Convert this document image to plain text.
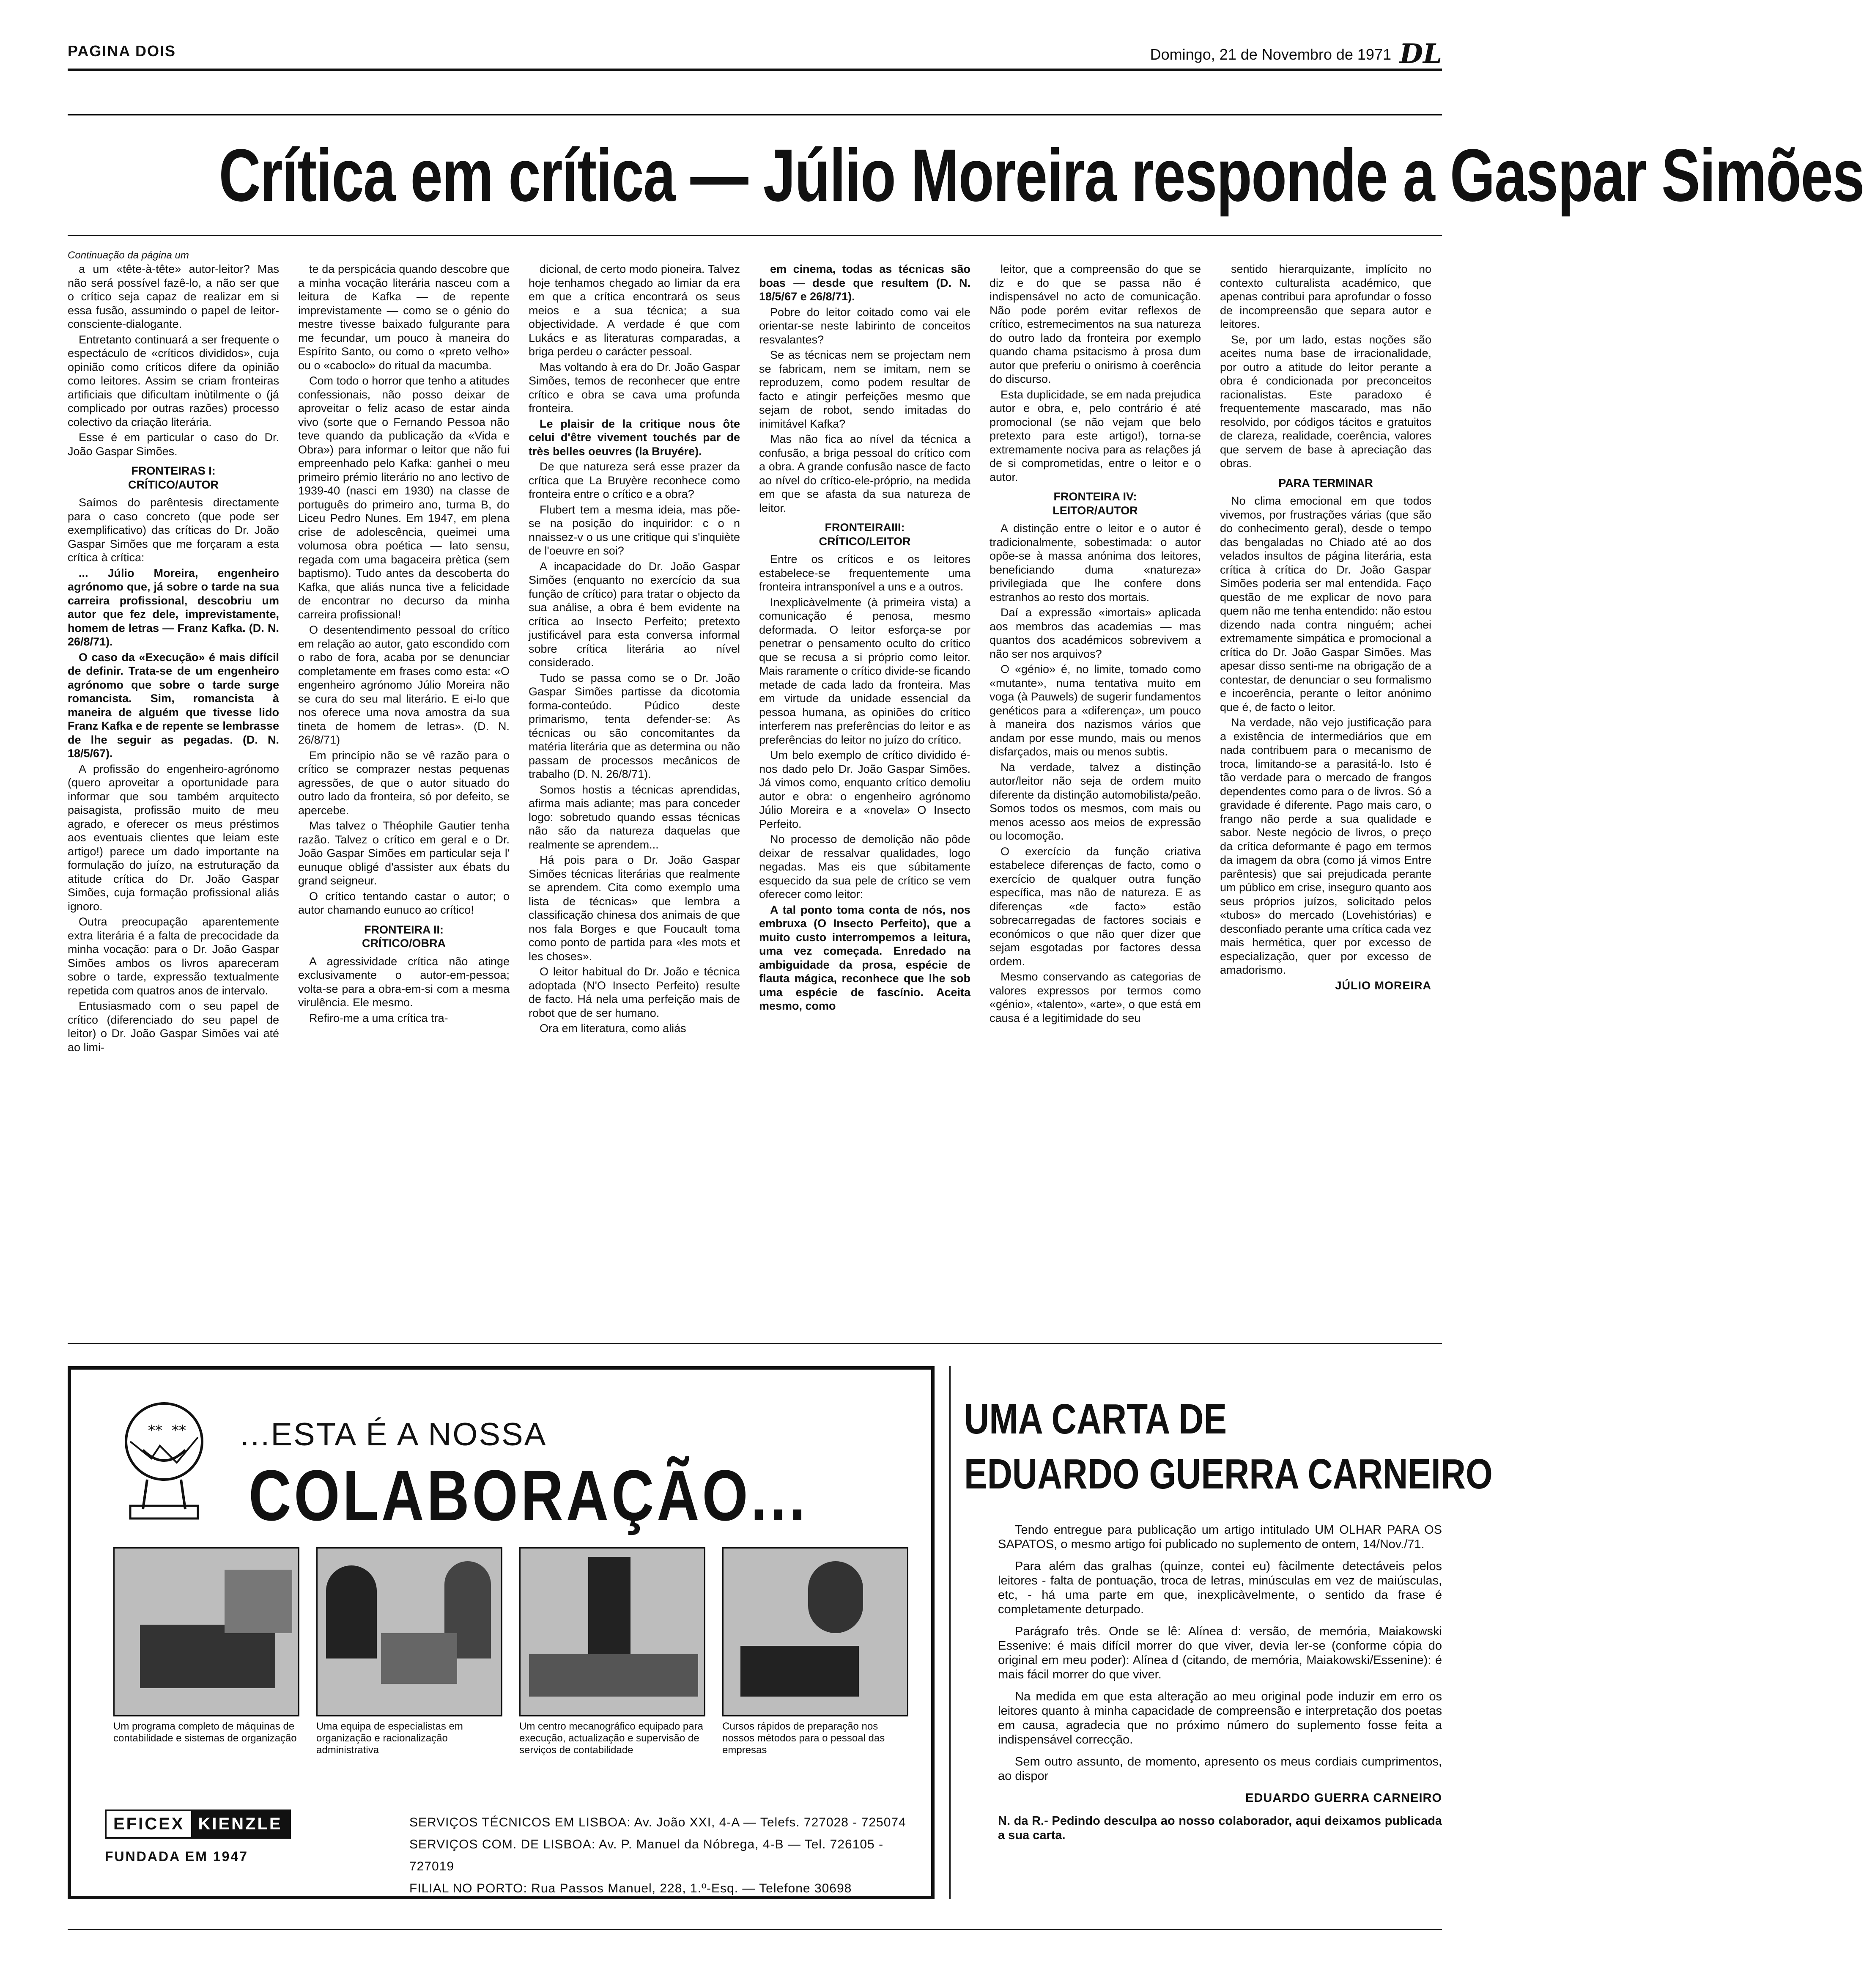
PAGINA DOIS	Domingo, 21 de Novembro de 1971 DL
Crítica em crítica — Júlio Moreira responde a Gaspar Simões
Continuação da página um

a um «tête-à-tête» autor-leitor? Mas não será possível fazê-lo, a não ser que o crítico seja capaz de realizar em si essa fusão, assumindo o papel de leitor-consciente-dialogante.

Entretanto continuará a ser frequente o espectáculo de «críticos divididos», cuja opinião como críticos difere da opinião como leitores. Assim se criam fronteiras artificiais que dificultam inùtilmente o (já complicado por outras razões) processo colectivo da criação literária.

Esse é em particular o caso do Dr. João Gaspar Simões.

FRONTEIRAS I:
CRÍTICO/AUTOR

Saímos do parêntesis directamente para o caso concreto (que pode ser exemplificativo) das críticas do Dr. João Gaspar Simões que me forçaram a esta crítica à crítica:

... Júlio Moreira, engenheiro agrónomo que, já sobre o tarde na sua carreira profissional, descobriu um autor que fez dele, imprevistamente, homem de letras — Franz Kafka. (D. N. 26/8/71).

O caso da «Execução» é mais difícil de definir. Trata-se de um engenheiro agrónomo que sobre o tarde surge romancista. Sim, romancista à maneira de alguém que tivesse lido Franz Kafka e de repente se lembrasse de lhe seguir as pegadas. (D. N. 18/5/67).

A profissão do engenheiro-agrónomo (quero aproveitar a oportunidade para informar que sou também arquitecto paisagista, profissão muito de meu agrado, e oferecer os meus préstimos aos eventuais clientes que leiam este artigo!) parece um dado importante na formulação do juízo, na estruturação da atitude crítica do Dr. João Gaspar Simões, cuja formação profissional aliás ignoro.

Outra preocupação aparentemente extra literária é a falta de precocidade da minha vocação: para o Dr. João Gaspar Simões ambos os livros apareceram sobre o tarde, expressão textualmente repetida com quatros anos de intervalo.

Entusiasmado com o seu papel de crítico (diferenciado do seu papel de leitor) o Dr. João Gaspar Simões vai até ao limi-

te da perspicácia quando descobre que a minha vocação literária nasceu com a leitura de Kafka — de repente imprevistamente — como se o génio do mestre tivesse baixado fulgurante para me fecundar, um pouco à maneira do Espírito Santo, ou como o «preto velho» ou o «caboclo» do ritual da macumba.

Com todo o horror que tenho a atitudes confessionais, não posso deixar de aproveitar o feliz acaso de estar ainda vivo (sorte que o Fernando Pessoa não teve quando da publicação da «Vida e Obra») para informar o leitor que não fui empreenhado pelo Kafka: ganhei o meu primeiro prémio literário no ano lectivo de 1939-40 (nasci em 1930) na classe de português do primeiro ano, turma B, do Liceu Pedro Nunes. Em 1947, em plena crise de adolescência, queimei uma volumosa obra poética — lato sensu, regada com uma bagaceira prètica (sem baptismo). Tudo antes da descoberta do Kafka, que aliás nunca tive a felicidade de encontrar no decurso da minha carreira profissional!

O desentendimento pessoal do crítico em relação ao autor, gato escondido com o rabo de fora, acaba por se denunciar completamente em frases como esta: «O engenheiro agrónomo Júlio Moreira não se cura do seu mal literário. E ei-lo que nos oferece uma nova amostra da sua tineta de homem de letras». (D. N. 26/8/71)

Em princípio não se vê razão para o crítico se comprazer nestas pequenas agressões, de que o autor situado do outro lado da fronteira, só por defeito, se apercebe.

Mas talvez o Théophile Gautier tenha razão. Talvez o crítico em geral e o Dr. João Gaspar Simões em particular seja l' eunuque obligé d'assister aux ébats du grand seigneur.

O crítico tentando castar o autor; o autor chamando eunuco ao crítico!

FRONTEIRA II:
CRÍTICO/OBRA

A agressividade crítica não atinge exclusivamente o autor-em-pessoa; volta-se para a obra-em-si com a mesma virulência. Ele mesmo.

Refiro-me a uma crítica tra-

dicional, de certo modo pioneira. Talvez hoje tenhamos chegado ao limiar da era em que a crítica encontrará os seus meios e a sua técnica; a sua objectividade. A verdade é que com Lukács e as literaturas comparadas, a briga perdeu o carácter pessoal.

Mas voltando à era do Dr. João Gaspar Simões, temos de reconhecer que entre crítico e obra se cava uma profunda fronteira.

Le plaisir de la critique nous ôte celui d'être vivement touchés par de très belles oeuvres (la Bruyére).

De que natureza será esse prazer da crítica que La Bruyère reconhece como fronteira entre o crítico e a obra?

Flubert tem a mesma ideia, mas põe-se na posição do inquiridor: c o n nnaissez-v o us une critique qui s'inquiète de l'oeuvre en soi?

A incapacidade do Dr. João Gaspar Simões (enquanto no exercício da sua função de crítico) para tratar o objecto da sua análise, a obra é bem evidente na crítica ao Insecto Perfeito; pretexto justificável para esta conversa informal sobre crítica literária ao nível considerado.

Tudo se passa como se o Dr. João Gaspar Simões partisse da dicotomia forma-conteúdo. Púdico deste primarismo, tenta defender-se: As técnicas ou são concomitantes da matéria literária que as determina ou não passam de processos mecânicos de trabalho (D. N. 26/8/71).

Somos hostis a técnicas aprendidas, afirma mais adiante; mas para conceder logo: sobretudo quando essas técnicas não são da natureza daquelas que realmente se aprendem...

Há pois para o Dr. João Gaspar Simões técnicas literárias que realmente se aprendem. Cita como exemplo uma lista de técnicas» que lembra a classificação chinesa dos animais de que nos fala Borges e que Foucault toma como ponto de partida para «les mots et les choses».

O leitor habitual do Dr. João e técnica adoptada (N'O Insecto Perfeito) resulte de facto. Há nela uma perfeição mais de robot que de ser humano.

Ora em literatura, como aliás

em cinema, todas as técnicas são boas — desde que resultem (D. N. 18/5/67 e 26/8/71).

Pobre do leitor coitado como vai ele orientar-se neste labirinto de conceitos resvalantes?

Se as técnicas nem se projectam nem se fabricam, nem se imitam, nem se reproduzem, como podem resultar de facto e atingir perfeições mesmo que sejam de robot, sendo imitadas do inimitável Kafka?

Mas não fica ao nível da técnica a confusão, a briga pessoal do crítico com a obra. A grande confusão nasce de facto ao nível do crítico-ele-próprio, na medida em que se afasta da sua natureza de leitor.

FRONTEIRAIII:
CRÍTICO/LEITOR

Entre os críticos e os leitores estabelece-se frequentemente uma fronteira intransponível a uns e a outros.

Inexplicàvelmente (à primeira vista) a comunicação é penosa, mesmo deformada. O leitor esforça-se por penetrar o pensamento oculto do crítico que se recusa a si próprio como leitor. Mais raramente o crítico divide-se ficando metade de cada lado da fronteira. Mas em virtude da unidade essencial da pessoa humana, as opiniões do crítico interferem nas preferências do leitor e as preferências do leitor no juízo do crítico.

Um belo exemplo de crítico dividido é-nos dado pelo Dr. João Gaspar Simões. Já vimos como, enquanto crítico demoliu autor e obra: o engenheiro agrónomo Júlio Moreira e a «novela» O Insecto Perfeito.

No processo de demolição não pôde deixar de ressalvar qualidades, logo negadas. Mas eis que súbitamente esquecido da sua pele de crítico se vem oferecer como leitor:

A tal ponto toma conta de nós, nos embruxa (O Insecto Perfeito), que a muito custo interrompemos a leitura, uma vez começada. Enredado na ambiguidade da prosa, espécie de flauta mágica, reconhece que lhe sob uma espécie de fascínio. Aceita mesmo, como

leitor, que a compreensão do que se diz e do que se passa não é indispensável no acto de comunicação. Não pode porém evitar reflexos de crítico, estremecimentos na sua natureza do outro lado da fronteira por exemplo quando chama psitacismo à prosa dum autor que preferiu o onirismo à coerência do discurso.

Esta duplicidade, se em nada prejudica autor e obra, e, pelo contrário é até promocional (se não vejam que belo pretexto para este artigo!), torna-se extremamente nociva para as relações já de si comprometidas, entre o leitor e o autor.

FRONTEIRA IV:
LEITOR/AUTOR

A distinção entre o leitor e o autor é tradicionalmente, sobestimada: o autor opõe-se à massa anónima dos leitores, beneficiando duma «natureza» privilegiada que lhe confere dons estranhos ao resto dos mortais.

Daí a expressão «imortais» aplicada aos membros das academias — mas quantos dos académicos sobrevivem a não ser nos arquivos?

O «génio» é, no limite, tomado como «mutante», numa tentativa muito em voga (à Pauwels) de sugerir fundamentos genéticos para a «diferença», um pouco à maneira dos nazismos vários que andam por esse mundo, mais ou menos disfarçados, mais ou menos subtis.

Na verdade, talvez a distinção autor/leitor não seja de ordem muito diferente da distinção automobilista/peão. Somos todos os mesmos, com mais ou menos acesso aos meios de expressão ou locomoção.

O exercício da função criativa estabelece diferenças de facto, como o exercício de qualquer outra função específica, mas não de natureza. E as diferenças «de facto» estão sobrecarregadas de factores sociais e económicos o que não quer dizer que sejam esgotadas por factores dessa ordem.

Mesmo conservando as categorias de valores expressos por termos como «génio», «talento», «arte», o que está em causa é a legitimidade do seu

sentido hierarquizante, implícito no contexto culturalista académico, que apenas contribui para aprofundar o fosso de incompreensão que separa autor e leitores.

Se, por um lado, estas noções são aceites numa base de irracionalidade, por outro a atitude do leitor perante a obra é condicionada por preconceitos racionalistas. Este paradoxo é frequentemente mascarado, mas não resolvido, por códigos tácitos e gratuitos de clareza, realidade, coerência, valores que servem de base à apreciação das obras.

PARA TERMINAR

No clima emocional em que todos vivemos, por frustrações várias (que são do conhecimento geral), desde o tempo das bengaladas no Chiado até ao dos velados insultos de página literária, esta crítica à crítica do Dr. João Gaspar Simões poderia ser mal entendida. Faço questão de me explicar de novo para quem não me tenha entendido: não estou dizendo nada contra ninguém; achei extremamente simpática e promocional a crítica do Dr. João Gaspar Simões. Mas apesar disso senti-me na obrigação de a contestar, de denunciar o seu formalismo e incoerência, perante o leitor anónimo que é, de facto o leitor.

Na verdade, não vejo justificação para a existência de intermediários que em nada contribuem para o mecanismo de troca, limitando-se a parasitá-lo. Isto é tão verdade para o mercado de frangos dependentes como para o de livros. Só a gravidade é diferente. Pago mais caro, o frango não perde a sua qualidade e sabor. Neste negócio de livros, o preço da crítica deformante é pago em termos da imagem da obra (como já vimos Entre parêntesis) que sai prejudicada perante um público em crise, inseguro quanto aos seus próprios juízos, solicitado pelos «tubos» do mercado (Lovehistórias) e desconfiado perante uma crítica cada vez mais hermética, quer por excesso de especialização, quer por excesso de amadorismo.

JÚLIO MOREIRA

** ** ...ESTA É A NOSSA
COLABORAÇÃO...
Um programa completo de máquinas de contabilidade e sistemas de organização
Uma equipa de especialistas em organização e racionalização administrativa
Um centro mecanográfico equipado para execução, actualização e supervisão de serviços de contabilidade
Cursos rápidos de preparação nos nossos métodos para o pessoal das empresas
EFICEX KIENZLE
FUNDADA EM 1947
SERVIÇOS TÉCNICOS EM LISBOA: Av. João XXI, 4-A — Telefs. 727028 - 725074
SERVIÇOS COM. DE LISBOA: Av. P. Manuel da Nóbrega, 4-B — Tel. 726105 - 727019
FILIAL NO PORTO: Rua Passos Manuel, 228, 1.º-Esq. — Telefone 30698
UMA CARTA DE
EDUARDO GUERRA CARNEIRO

Tendo entregue para publicação um artigo intitulado UM OLHAR PARA OS SAPATOS, o mesmo artigo foi publicado no suplemento de ontem, 14/Nov./71.

Para além das gralhas (quinze, contei eu) fàcilmente detectáveis pelos leitores - falta de pontuação, troca de letras, minúsculas em vez de maiúsculas, etc, - há uma parte em que, inexplicàvelmente, o sentido da frase é completamente deturpado.

Parágrafo três. Onde se lê: Alínea d: versão, de memória, Maiakowski Essenive: é mais difícil morrer do que viver, devia ler-se (conforme cópia do original em meu poder): Alínea d (citando, de memória, Maiakowski/Essenine): é mais fácil morrer do que viver.

Na medida em que esta alteração ao meu original pode induzir em erro os leitores quanto à minha capacidade de compreensão e interpretação dos poetas em causa, agradecia que no próximo número do suplemento fosse feita a indispensável correcção.

Sem outro assunto, de momento, apresento os meus cordiais cumprimentos, ao dispor

EDUARDO GUERRA CARNEIRO
N. da R.- Pedindo desculpa ao nosso colaborador, aqui deixamos publicada a sua carta.
